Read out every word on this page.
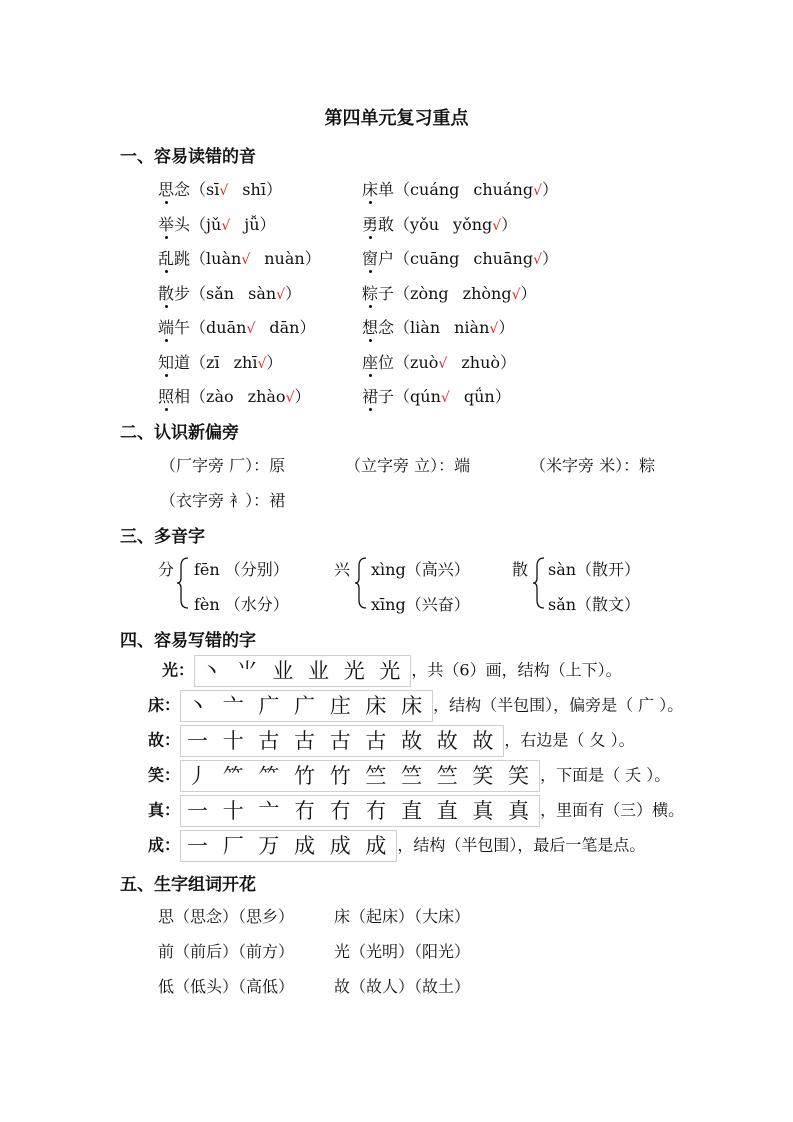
第四单元复习重点
一、容易读错的音
思念（sī√ shī）	床单（cuáng chuáng√）
举头（jǔ√ jǚ）	勇敢（yǒu yǒng√）
乱跳（luàn√ nuàn）	窗户（cuāng chuāng√）
散步（sǎn sàn√）	粽子（zòng zhòng√）
端午（duān√ dān）	想念（liàn niàn√）
知道（zī zhī√）	座位（zuò√ zhuò）
照相（zào zhào√）	裙子（qún√ qǘn）
二、认识新偏旁
（厂字旁 厂）：原	（立字旁 立）：端	（米字旁 米）：粽
（衣字旁 衤）：裙
三、多音字
分 fēn （分别）
fèn （水分）
兴 xìng（高兴）
xīng（兴奋）
散 sàn（散开）
sǎn（散文）
四、容易写错的字
光： 丶 ⺌ 业 业 光 光 ，共（6）画，结构（上下）。
床： 丶 亠 广 广 庄 床 床 ，结构（半包围），偏旁是（ 广 ）。
故： 一 十 古 古 古 古 故 故 故 ，右边是（ 夂 ）。
笑： 丿 ⺮ ⺮ 竹 竹 竺 竺 竺 笑 笑 ，下面是（ 夭 ）。
真： 一 十 亠 冇 冇 冇 直 直 真 真 ，里面有（三）横。
成： 一 厂 万 成 成 成 ，结构（半包围），最后一笔是点。
五、生字组词开花
思（思念）（思乡） 床（起床）（大床）
前（前后）（前方） 光（光明）（阳光）
低（低头）（高低） 故（故人）（故土）
